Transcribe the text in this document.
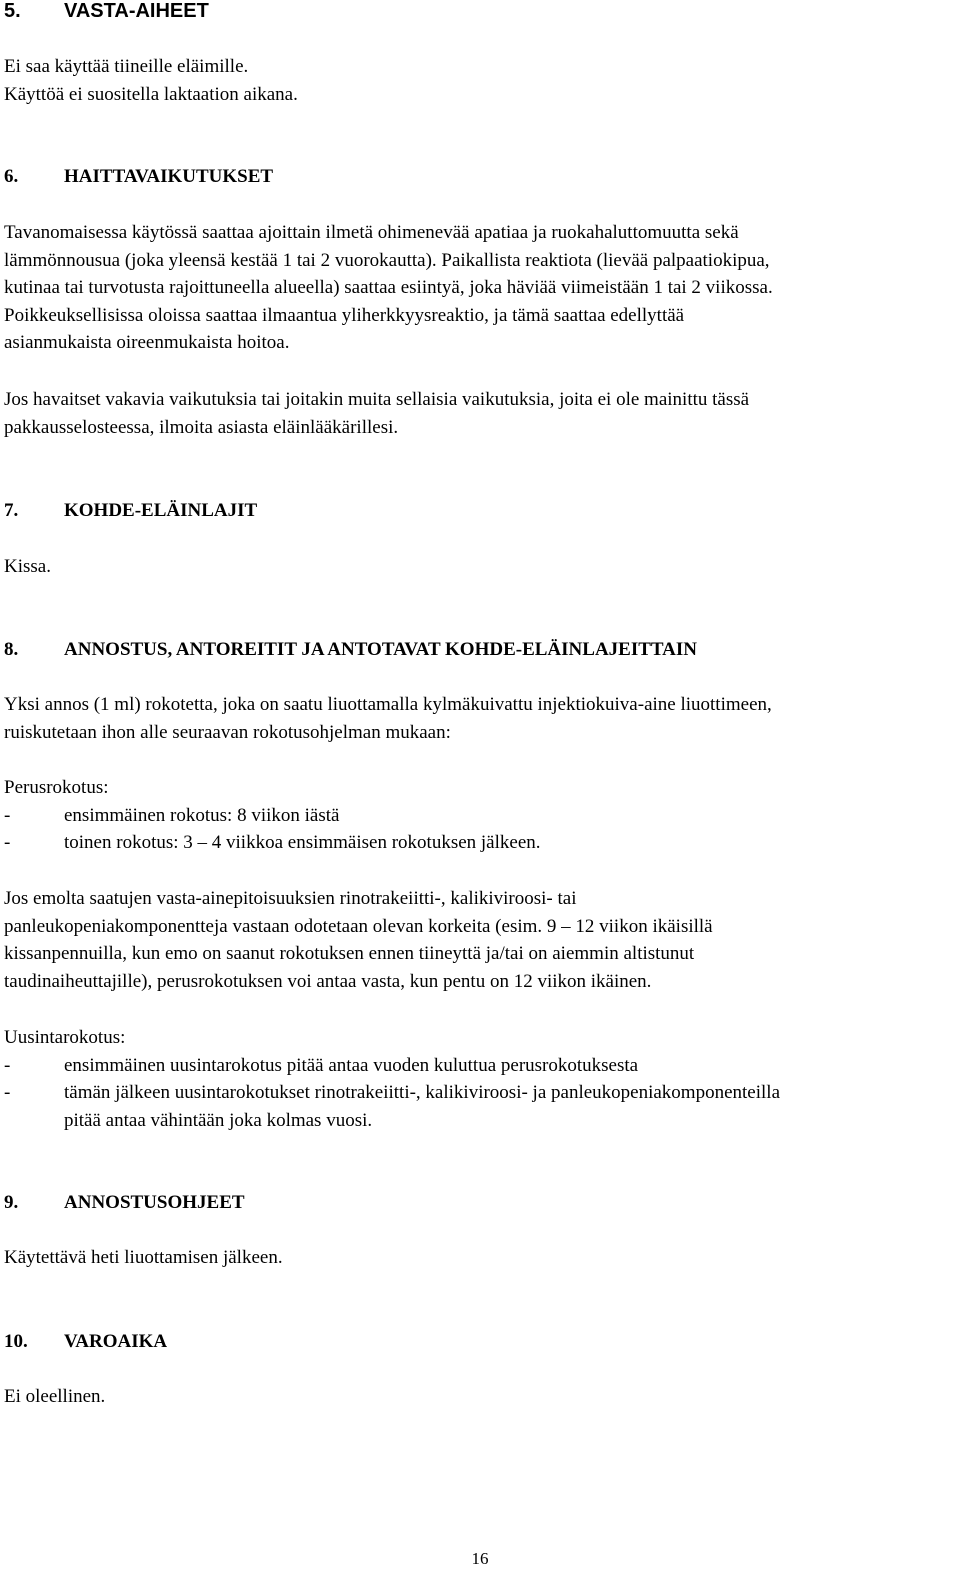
5.	VASTA-AIHEET
Ei saa käyttää tiineille eläimille.
Käyttöä ei suositella laktaation aikana.
6.	HAITTAVAIKUTUKSET
Tavanomaisessa käytössä saattaa ajoittain ilmetä ohimenevää apatiaa ja ruokahaluttomuutta sekä
lämmönnousua (joka yleensä kestää 1 tai 2 vuorokautta). Paikallista reaktiota (lievää palpaatiokipua,
kutinaa tai turvotusta rajoittuneella alueella) saattaa esiintyä, joka häviää viimeistään 1 tai 2 viikossa.
Poikkeuksellisissa oloissa saattaa ilmaantua yliherkkyysreaktio, ja tämä saattaa edellyttää
asianmukaista oireenmukaista hoitoa.
Jos havaitset vakavia vaikutuksia tai joitakin muita sellaisia vaikutuksia, joita ei ole mainittu tässä
pakkausselosteessa, ilmoita asiasta eläinlääkärillesi.
7.	KOHDE-ELÄINLAJIT
Kissa.
8.	ANNOSTUS, ANTOREITIT JA ANTOTAVAT KOHDE-ELÄINLAJEITTAIN
Yksi annos (1 ml) rokotetta, joka on saatu liuottamalla kylmäkuivattu injektiokuiva-aine liuottimeen,
ruiskutetaan ihon alle seuraavan rokotusohjelman mukaan:
Perusrokotus:
-	ensimmäinen rokotus: 8 viikon iästä
-	toinen rokotus: 3 – 4 viikkoa ensimmäisen rokotuksen jälkeen.
Jos emolta saatujen vasta-ainepitoisuuksien rinotrakeiitti-, kalikiviroosi- tai
panleukopeniakomponentteja vastaan odotetaan olevan korkeita (esim. 9 – 12 viikon ikäisillä
kissanpennuilla, kun emo on saanut rokotuksen ennen tiineyttä ja/tai on aiemmin altistunut
taudinaiheuttajille), perusrokotuksen voi antaa vasta, kun pentu on 12 viikon ikäinen.
Uusintarokotus:
-	ensimmäinen uusintarokotus pitää antaa vuoden kuluttua perusrokotuksesta
-	tämän jälkeen uusintarokotukset rinotrakeiitti-, kalikiviroosi- ja panleukopeniakomponenteilla
pitää antaa vähintään joka kolmas vuosi.
9.	ANNOSTUSOHJEET
Käytettävä heti liuottamisen jälkeen.
10.	VAROAIKA
Ei oleellinen.
16
